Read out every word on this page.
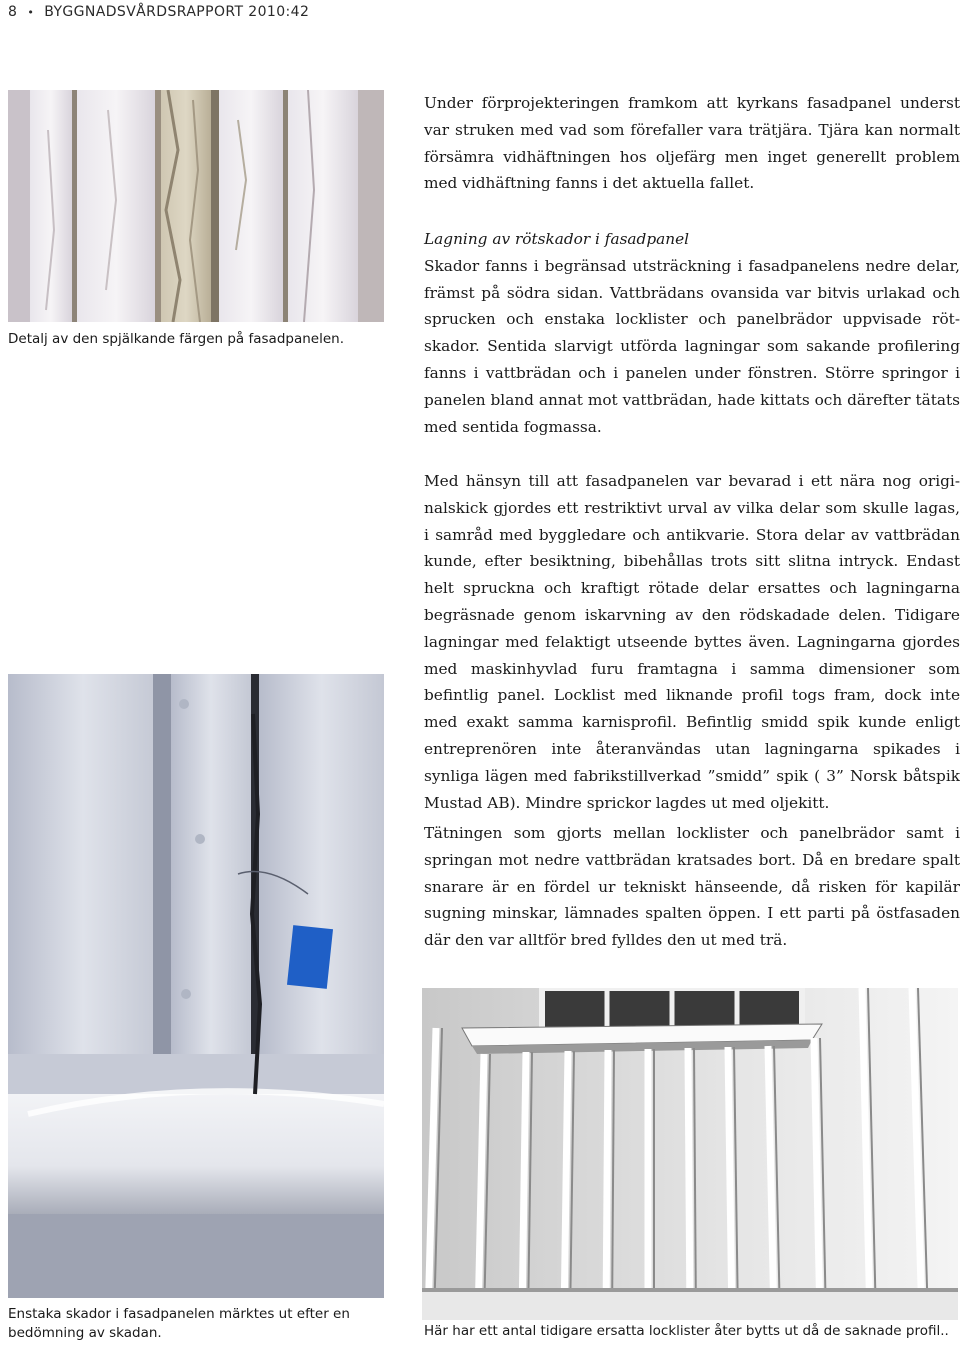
8 • BYGGNADSVÅRDSRAPPORT 2010:42

Detalj av den spjälkande färgen på fasadpanelen.

Under förprojekteringen framkom att kyrkans fasadpanel underst var struken med vad som förefaller vara trätjära. Tjära kan normalt försämra vidhäftningen hos oljefärg men inget generellt problem med vidhäftning fanns i det aktuella fallet.

Lagning av rötskador i fasadpanel
Skador fanns i begränsad utsträckning i fasadpanelens nedre delar, främst på södra sidan. Vattbrädans ovansida var bitvis urlakad och sprucken och enstaka locklister och panelbrädor uppvisade rötskador. Sentida slarvigt utförda lagningar som sakande profilering fanns i vattbrädan och i panelen under fönstren. Större springor i panelen bland annat mot vattbrädan, hade kittats och därefter tätats med sentida fogmassa.

Med hänsyn till att fasadpanelen var bevarad i ett nära nog originalskick gjordes ett restriktivt urval av vilka delar som skulle lagas, i samråd med byggledare och antikvarie. Stora delar av vattbrädan kunde, efter besiktning, bibehållas trots sitt slitna intryck. Endast helt spruckna och kraftigt rötade delar ersattes och lagningarna begräsnade genom iskarvning av den rödskadade delen. Tidigare lagningar med felaktigt utseende byttes även. Lagningarna gjordes med maskinhyvlad furu framtagna i samma dimensioner som befintlig panel. Locklist med liknande profil togs fram, dock inte med exakt samma karnisprofil. Befintlig smidd spik kunde enligt entreprenören inte återanvändas utan lagningarna spikades i synliga lägen med fabrikstillverkad ”smidd” spik ( 3” Norsk båtspik Mustad AB). Mindre sprickor lagdes ut med oljekitt.

Tätningen som gjorts mellan locklister och panelbrädor samt i springan mot nedre vattbrädan kratsades bort. Då en bredare spalt snarare är en fördel ur tekniskt hänseende, då risken för kapilär sugning minskar, lämnades spalten öppen. I ett parti på östfasaden där den var alltför bred fylldes den ut med trä.

Enstaka skador i fasadpanelen märktes ut efter en bedömning av skadan.	Här har ett antal tidigare ersatta locklister åter bytts ut då de saknade profil..
